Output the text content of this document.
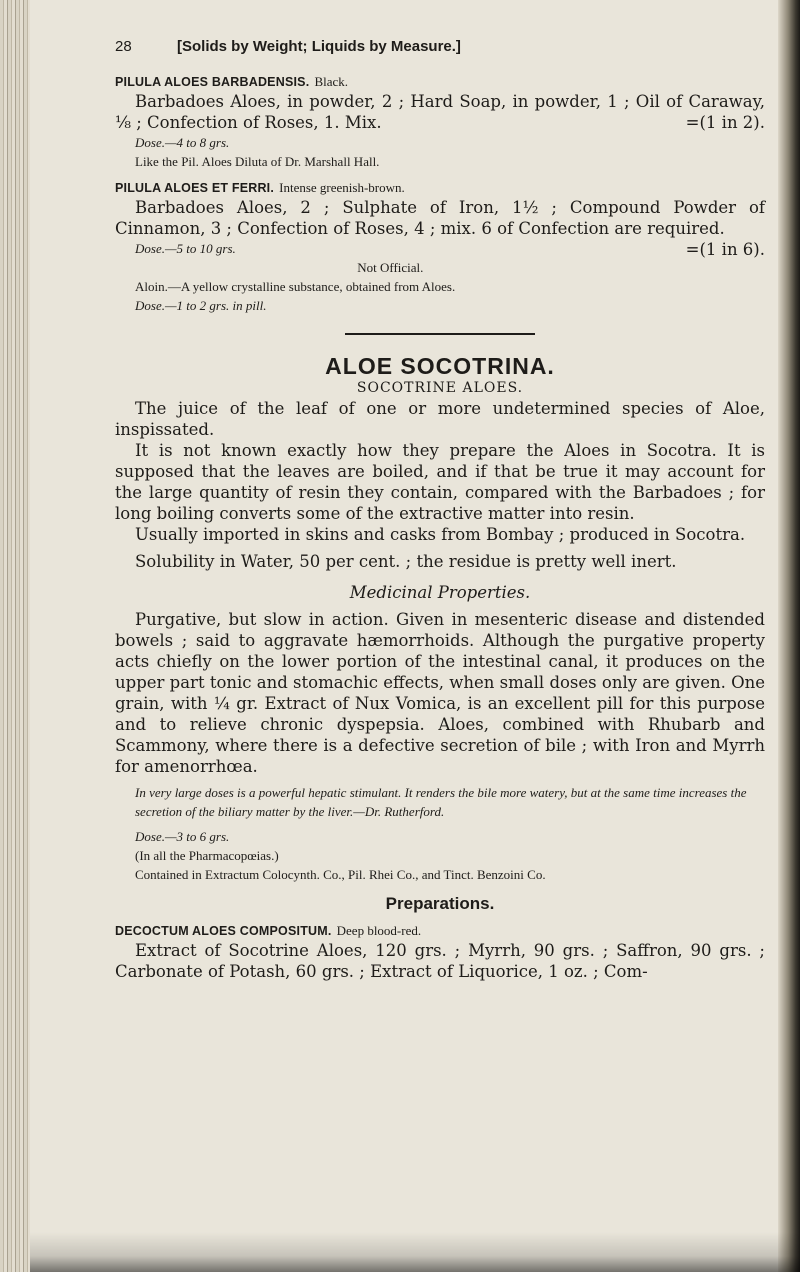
28	[Solids by Weight; Liquids by Measure.]

PILULA ALOES BARBADENSIS. Black.

Barbadoes Aloes, in powder, 2 ; Hard Soap, in powder, 1 ; Oil of Caraway, ⅛ ; Confection of Roses, 1. Mix.	=(1 in 2).

Dose.—4 to 8 grs.

Like the Pil. Aloes Diluta of Dr. Marshall Hall.

PILULA ALOES ET FERRI. Intense greenish-brown.

Barbadoes Aloes, 2 ; Sulphate of Iron, 1½ ; Compound Powder of Cinnamon, 3 ; Confection of Roses, 4 ; mix. 6 of Confection are required.
=(1 in 6).

Dose.—5 to 10 grs.

Not Official.

Aloin.—A yellow crystalline substance, obtained from Aloes.

Dose.—1 to 2 grs. in pill.

ALOE SOCOTRINA.

SOCOTRINE ALOES.

The juice of the leaf of one or more undetermined species of Aloe, inspissated.

It is not known exactly how they prepare the Aloes in Socotra. It is supposed that the leaves are boiled, and if that be true it may account for the large quantity of resin they contain, compared with the Barbadoes ; for long boiling converts some of the extractive matter into resin.

Usually imported in skins and casks from Bombay ; produced in Socotra.

Solubility in Water, 50 per cent. ; the residue is pretty well inert.

Medicinal Properties.

Purgative, but slow in action. Given in mesenteric disease and distended bowels ; said to aggravate hæmorrhoids. Although the purgative property acts chiefly on the lower portion of the intestinal canal, it produces on the upper part tonic and stomachic effects, when small doses only are given. One grain, with ¼ gr. Extract of Nux Vomica, is an excellent pill for this purpose and to relieve chronic dyspepsia. Aloes, combined with Rhubarb and Scammony, where there is a defective secretion of bile ; with Iron and Myrrh for amenorrhœa.

In very large doses is a powerful hepatic stimulant. It renders the bile more watery, but at the same time increases the secretion of the biliary matter by the liver.—Dr. Rutherford.

Dose.—3 to 6 grs.

(In all the Pharmacopœias.)

Contained in Extractum Colocynth. Co., Pil. Rhei Co., and Tinct. Benzoini Co.

Preparations.

DECOCTUM ALOES COMPOSITUM. Deep blood-red.

Extract of Socotrine Aloes, 120 grs. ; Myrrh, 90 grs. ; Saffron, 90 grs. ; Carbonate of Potash, 60 grs. ; Extract of Liquorice, 1 oz. ; Com-
